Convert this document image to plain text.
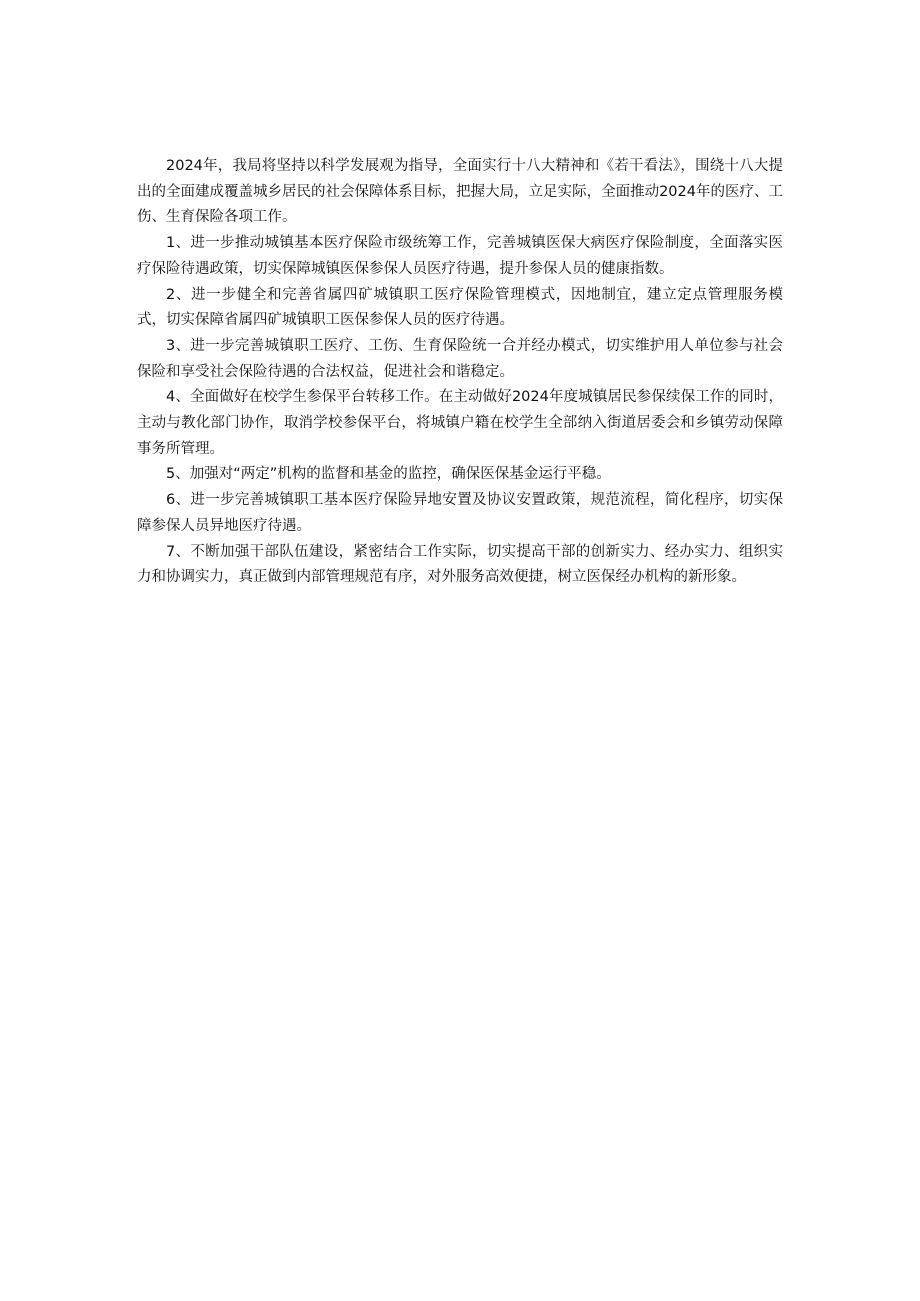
2024年，我局将坚持以科学发展观为指导，全面实行十八大精神和《若干看法》，围绕十八大提出的全面建成覆盖城乡居民的社会保障体系目标，把握大局，立足实际，全面推动2024年的医疗、工伤、生育保险各项工作。

1、进一步推动城镇基本医疗保险市级统筹工作，完善城镇医保大病医疗保险制度，全面落实医疗保险待遇政策，切实保障城镇医保参保人员医疗待遇，提升参保人员的健康指数。

2、进一步健全和完善省属四矿城镇职工医疗保险管理模式，因地制宜，建立定点管理服务模式，切实保障省属四矿城镇职工医保参保人员的医疗待遇。

3、进一步完善城镇职工医疗、工伤、生育保险统一合并经办模式，切实维护用人单位参与社会保险和享受社会保险待遇的合法权益，促进社会和谐稳定。

4、全面做好在校学生参保平台转移工作。在主动做好2024年度城镇居民参保续保工作的同时，主动与教化部门协作，取消学校参保平台，将城镇户籍在校学生全部纳入街道居委会和乡镇劳动保障事务所管理。

5、加强对“两定”机构的监督和基金的监控，确保医保基金运行平稳。

6、进一步完善城镇职工基本医疗保险异地安置及协议安置政策，规范流程，简化程序，切实保障参保人员异地医疗待遇。

7、不断加强干部队伍建设，紧密结合工作实际，切实提高干部的创新实力、经办实力、组织实力和协调实力，真正做到内部管理规范有序，对外服务高效便捷，树立医保经办机构的新形象。
